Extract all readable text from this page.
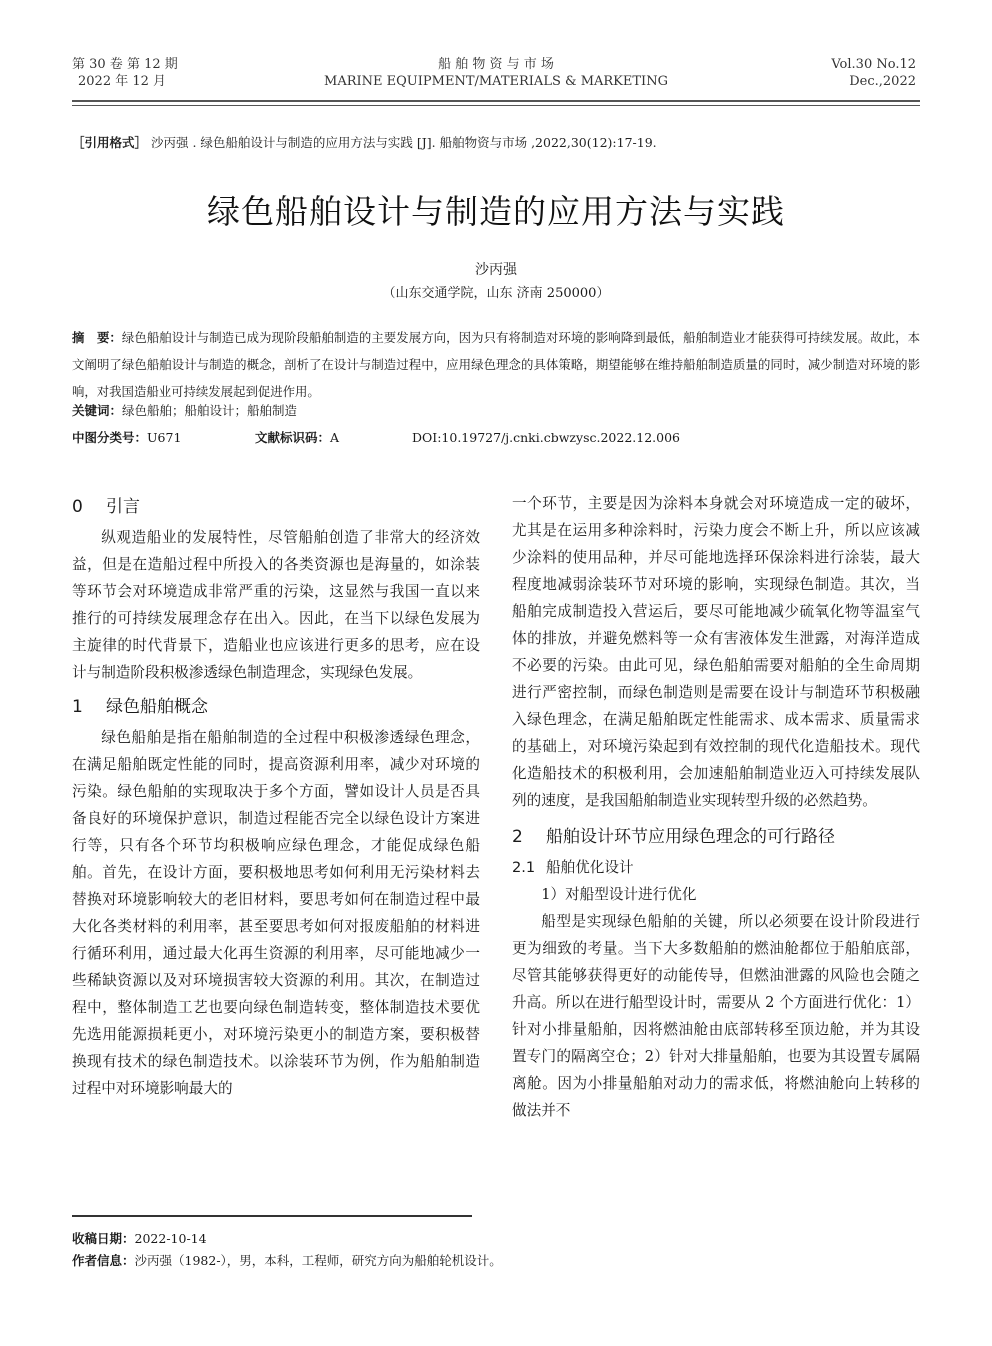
第 30 卷 第 12 期
2022 年 12 月
船 舶 物 资 与 市 场
MARINE EQUIPMENT/MATERIALS & MARKETING
Vol.30 No.12
Dec.,2022
［引用格式］ 沙丙强 . 绿色船舶设计与制造的应用方法与实践 [J]. 船舶物资与市场 ,2022,30(12):17-19.
绿色船舶设计与制造的应用方法与实践
沙丙强
（山东交通学院，山东 济南 250000）
摘　要：绿色船舶设计与制造已成为现阶段船舶制造的主要发展方向，因为只有将制造对环境的影响降到最低，船舶制造业才能获得可持续发展。故此，本文阐明了绿色船舶设计与制造的概念，剖析了在设计与制造过程中，应用绿色理念的具体策略，期望能够在维持船舶制造质量的同时，减少制造对环境的影响，对我国造船业可持续发展起到促进作用。
关键词：绿色船舶；船舶设计；船舶制造
中图分类号：U671	文献标识码：A	DOI:10.19727/j.cnki.cbwzysc.2022.12.006
0 引言

纵观造船业的发展特性，尽管船舶创造了非常大的经济效益，但是在造船过程中所投入的各类资源也是海量的，如涂装等环节会对环境造成非常严重的污染，这显然与我国一直以来推行的可持续发展理念存在出入。因此，在当下以绿色发展为主旋律的时代背景下，造船业也应该进行更多的思考，应在设计与制造阶段积极渗透绿色制造理念，实现绿色发展。

1 绿色船舶概念

绿色船舶是指在船舶制造的全过程中积极渗透绿色理念，在满足船舶既定性能的同时，提高资源利用率，减少对环境的污染。绿色船舶的实现取决于多个方面，譬如设计人员是否具备良好的环境保护意识，制造过程能否完全以绿色设计方案进行等，只有各个环节均积极响应绿色理念，才能促成绿色船舶。首先，在设计方面，要积极地思考如何利用无污染材料去替换对环境影响较大的老旧材料，要思考如何在制造过程中最大化各类材料的利用率，甚至要思考如何对报废船舶的材料进行循环利用，通过最大化再生资源的利用率，尽可能地减少一些稀缺资源以及对环境损害较大资源的利用。其次，在制造过程中，整体制造工艺也要向绿色制造转变，整体制造技术要优先选用能源损耗更小，对环境污染更小的制造方案，要积极替换现有技术的绿色制造技术。以涂装环节为例，作为船舶制造过程中对环境影响最大的

一个环节，主要是因为涂料本身就会对环境造成一定的破坏，尤其是在运用多种涂料时，污染力度会不断上升，所以应该减少涂料的使用品种，并尽可能地选择环保涂料进行涂装，最大程度地减弱涂装环节对环境的影响，实现绿色制造。其次，当船舶完成制造投入营运后，要尽可能地减少硫氧化物等温室气体的排放，并避免燃料等一众有害液体发生泄露，对海洋造成不必要的污染。由此可见，绿色船舶需要对船舶的全生命周期进行严密控制，而绿色制造则是需要在设计与制造环节积极融入绿色理念，在满足船舶既定性能需求、成本需求、质量需求的基础上，对环境污染起到有效控制的现代化造船技术。现代化造船技术的积极利用，会加速船舶制造业迈入可持续发展队列的速度，是我国船舶制造业实现转型升级的必然趋势。

2 船舶设计环节应用绿色理念的可行路径
2.1 船舶优化设计

1）对船型设计进行优化

船型是实现绿色船舶的关键，所以必须要在设计阶段进行更为细致的考量。当下大多数船舶的燃油舱都位于船舶底部，尽管其能够获得更好的动能传导，但燃油泄露的风险也会随之升高。所以在进行船型设计时，需要从 2 个方面进行优化：1）针对小排量船舶，因将燃油舱由底部转移至顶边舱，并为其设置专门的隔离空仓；2）针对大排量船舶，也要为其设置专属隔离舱。因为小排量船舶对动力的需求低，将燃油舱向上转移的做法并不

收稿日期：2022-10-14
作者信息：沙丙强（1982-），男，本科，工程师，研究方向为船舶轮机设计。
